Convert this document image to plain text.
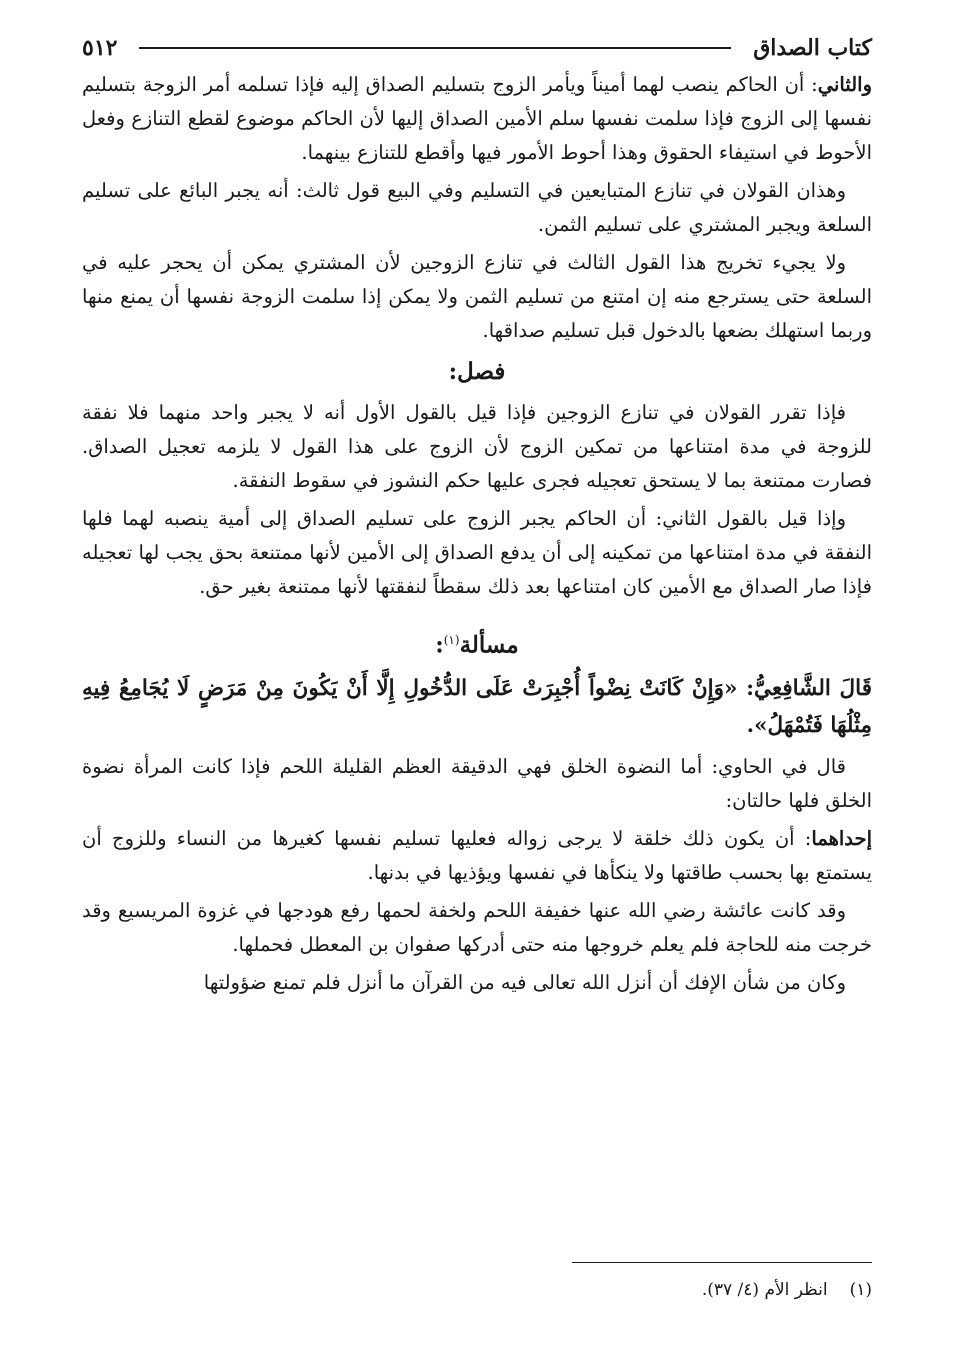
كتاب الصداق
٥١٢

والثاني: أن الحاكم ينصب لهما أميناً ويأمر الزوج بتسليم الصداق إليه فإذا تسلمه أمر الزوجة بتسليم نفسها إلى الزوج فإذا سلمت نفسها سلم الأمين الصداق إليها لأن الحاكم موضوع لقطع التنازع وفعل الأحوط في استيفاء الحقوق وهذا أحوط الأمور فيها وأقطع للتنازع بينهما.

وهذان القولان في تنازع المتبايعين في التسليم وفي البيع قول ثالث: أنه يجبر البائع على تسليم السلعة ويجبر المشتري على تسليم الثمن.

ولا يجيء تخريج هذا القول الثالث في تنازع الزوجين لأن المشتري يمكن أن يحجر عليه في السلعة حتى يسترجع منه إن امتنع من تسليم الثمن ولا يمكن إذا سلمت الزوجة نفسها أن يمنع منها وربما استهلك بضعها بالدخول قبل تسليم صداقها.

فصل:

فإذا تقرر القولان في تنازع الزوجين فإذا قيل بالقول الأول أنه لا يجبر واحد منهما فلا نفقة للزوجة في مدة امتناعها من تمكين الزوج لأن الزوج على هذا القول لا يلزمه تعجيل الصداق. فصارت ممتنعة بما لا يستحق تعجيله فجرى عليها حكم النشوز في سقوط النفقة.

وإذا قيل بالقول الثاني: أن الحاكم يجبر الزوج على تسليم الصداق إلى أمية ينصبه لهما فلها النفقة في مدة امتناعها من تمكينه إلى أن يدفع الصداق إلى الأمين لأنها ممتنعة بحق يجب لها تعجيله فإذا صار الصداق مع الأمين كان امتناعها بعد ذلك سقطاً لنفقتها لأنها ممتنعة بغير حق.

مسألة$^{(١)}$:
قَالَ الشَّافِعِيُّ: «وَإِنْ كَانَتْ نِضْواً أُجْبِرَتْ عَلَى الدُّخُولِ إِلَّا أَنْ يَكُونَ مِنْ مَرَضٍ لَا يُجَامِعُ فِيهِ مِثْلُهَا فَتُمْهَلُ».

قال في الحاوي: أما النضوة الخلق فهي الدقيقة العظم القليلة اللحم فإذا كانت المرأة نضوة الخلق فلها حالتان:

إحداهما: أن يكون ذلك خلقة لا يرجى زواله فعليها تسليم نفسها كغيرها من النساء وللزوج أن يستمتع بها بحسب طاقتها ولا ينكأها في نفسها ويؤذيها في بدنها.

وقد كانت عائشة رضي الله عنها خفيفة اللحم ولخفة لحمها رفع هودجها في غزوة المريسيع وقد خرجت منه للحاجة فلم يعلم خروجها منه حتى أدركها صفوان بن المعطل فحملها.

وكان من شأن الإفك أن أنزل الله تعالى فيه من القرآن ما أنزل فلم تمنع ضؤولتها

(١)انظر الأم (٤/ ٣٧).
